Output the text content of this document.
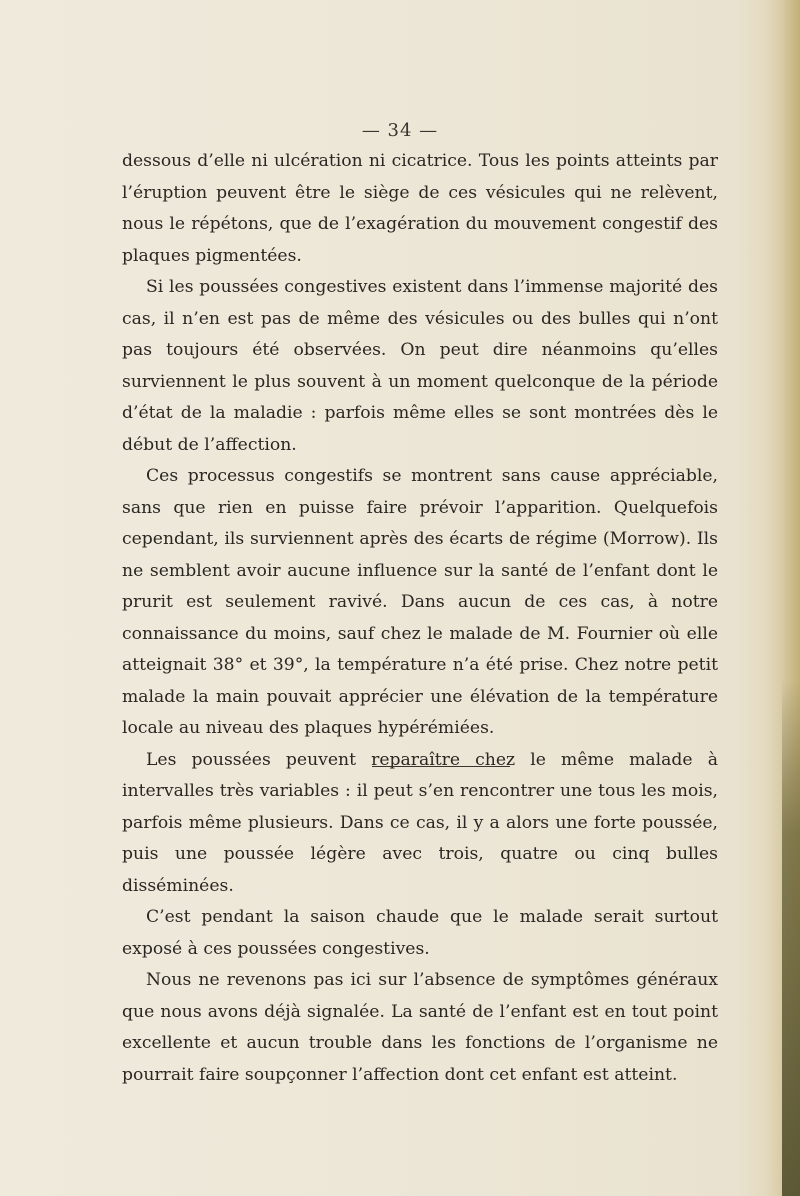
— 34 —

dessous d’elle ni ulcération ni cicatrice. Tous les points atteints par l’éruption peuvent être le siège de ces vésicules qui ne relèvent, nous le répétons, que de l’exagération du mouvement congestif des plaques pigmentées.

Si les poussées congestives existent dans l’immense majorité des cas, il n’en est pas de même des vésicules ou des bulles qui n’ont pas toujours été observées. On peut dire néanmoins qu’elles surviennent le plus souvent à un moment quelconque de la période d’état de la maladie : parfois même elles se sont montrées dès le début de l’affection.

Ces processus congestifs se montrent sans cause appréciable, sans que rien en puisse faire prévoir l’apparition. Quelquefois cependant, ils surviennent après des écarts de régime (Morrow). Ils ne semblent avoir aucune influence sur la santé de l’enfant dont le prurit est seulement ravivé. Dans aucun de ces cas, à notre connaissance du moins, sauf chez le malade de M. Fournier où elle atteignait 38° et 39°, la température n’a été prise. Chez notre petit malade la main pouvait apprécier une élévation de la température locale au niveau des plaques hypérémiées.

Les poussées peuvent reparaître chez le même malade à intervalles très variables : il peut s’en rencontrer une tous les mois, parfois même plusieurs. Dans ce cas, il y a alors une forte poussée, puis une poussée légère avec trois, quatre ou cinq bulles disséminées.

C’est pendant la saison chaude que le malade serait surtout exposé à ces poussées congestives.

Nous ne revenons pas ici sur l’absence de symptômes généraux que nous avons déjà signalée. La santé de l’enfant est en tout point excellente et aucun trouble dans les fonctions de l’organisme ne pourrait faire soupçonner l’affection dont cet enfant est atteint.
